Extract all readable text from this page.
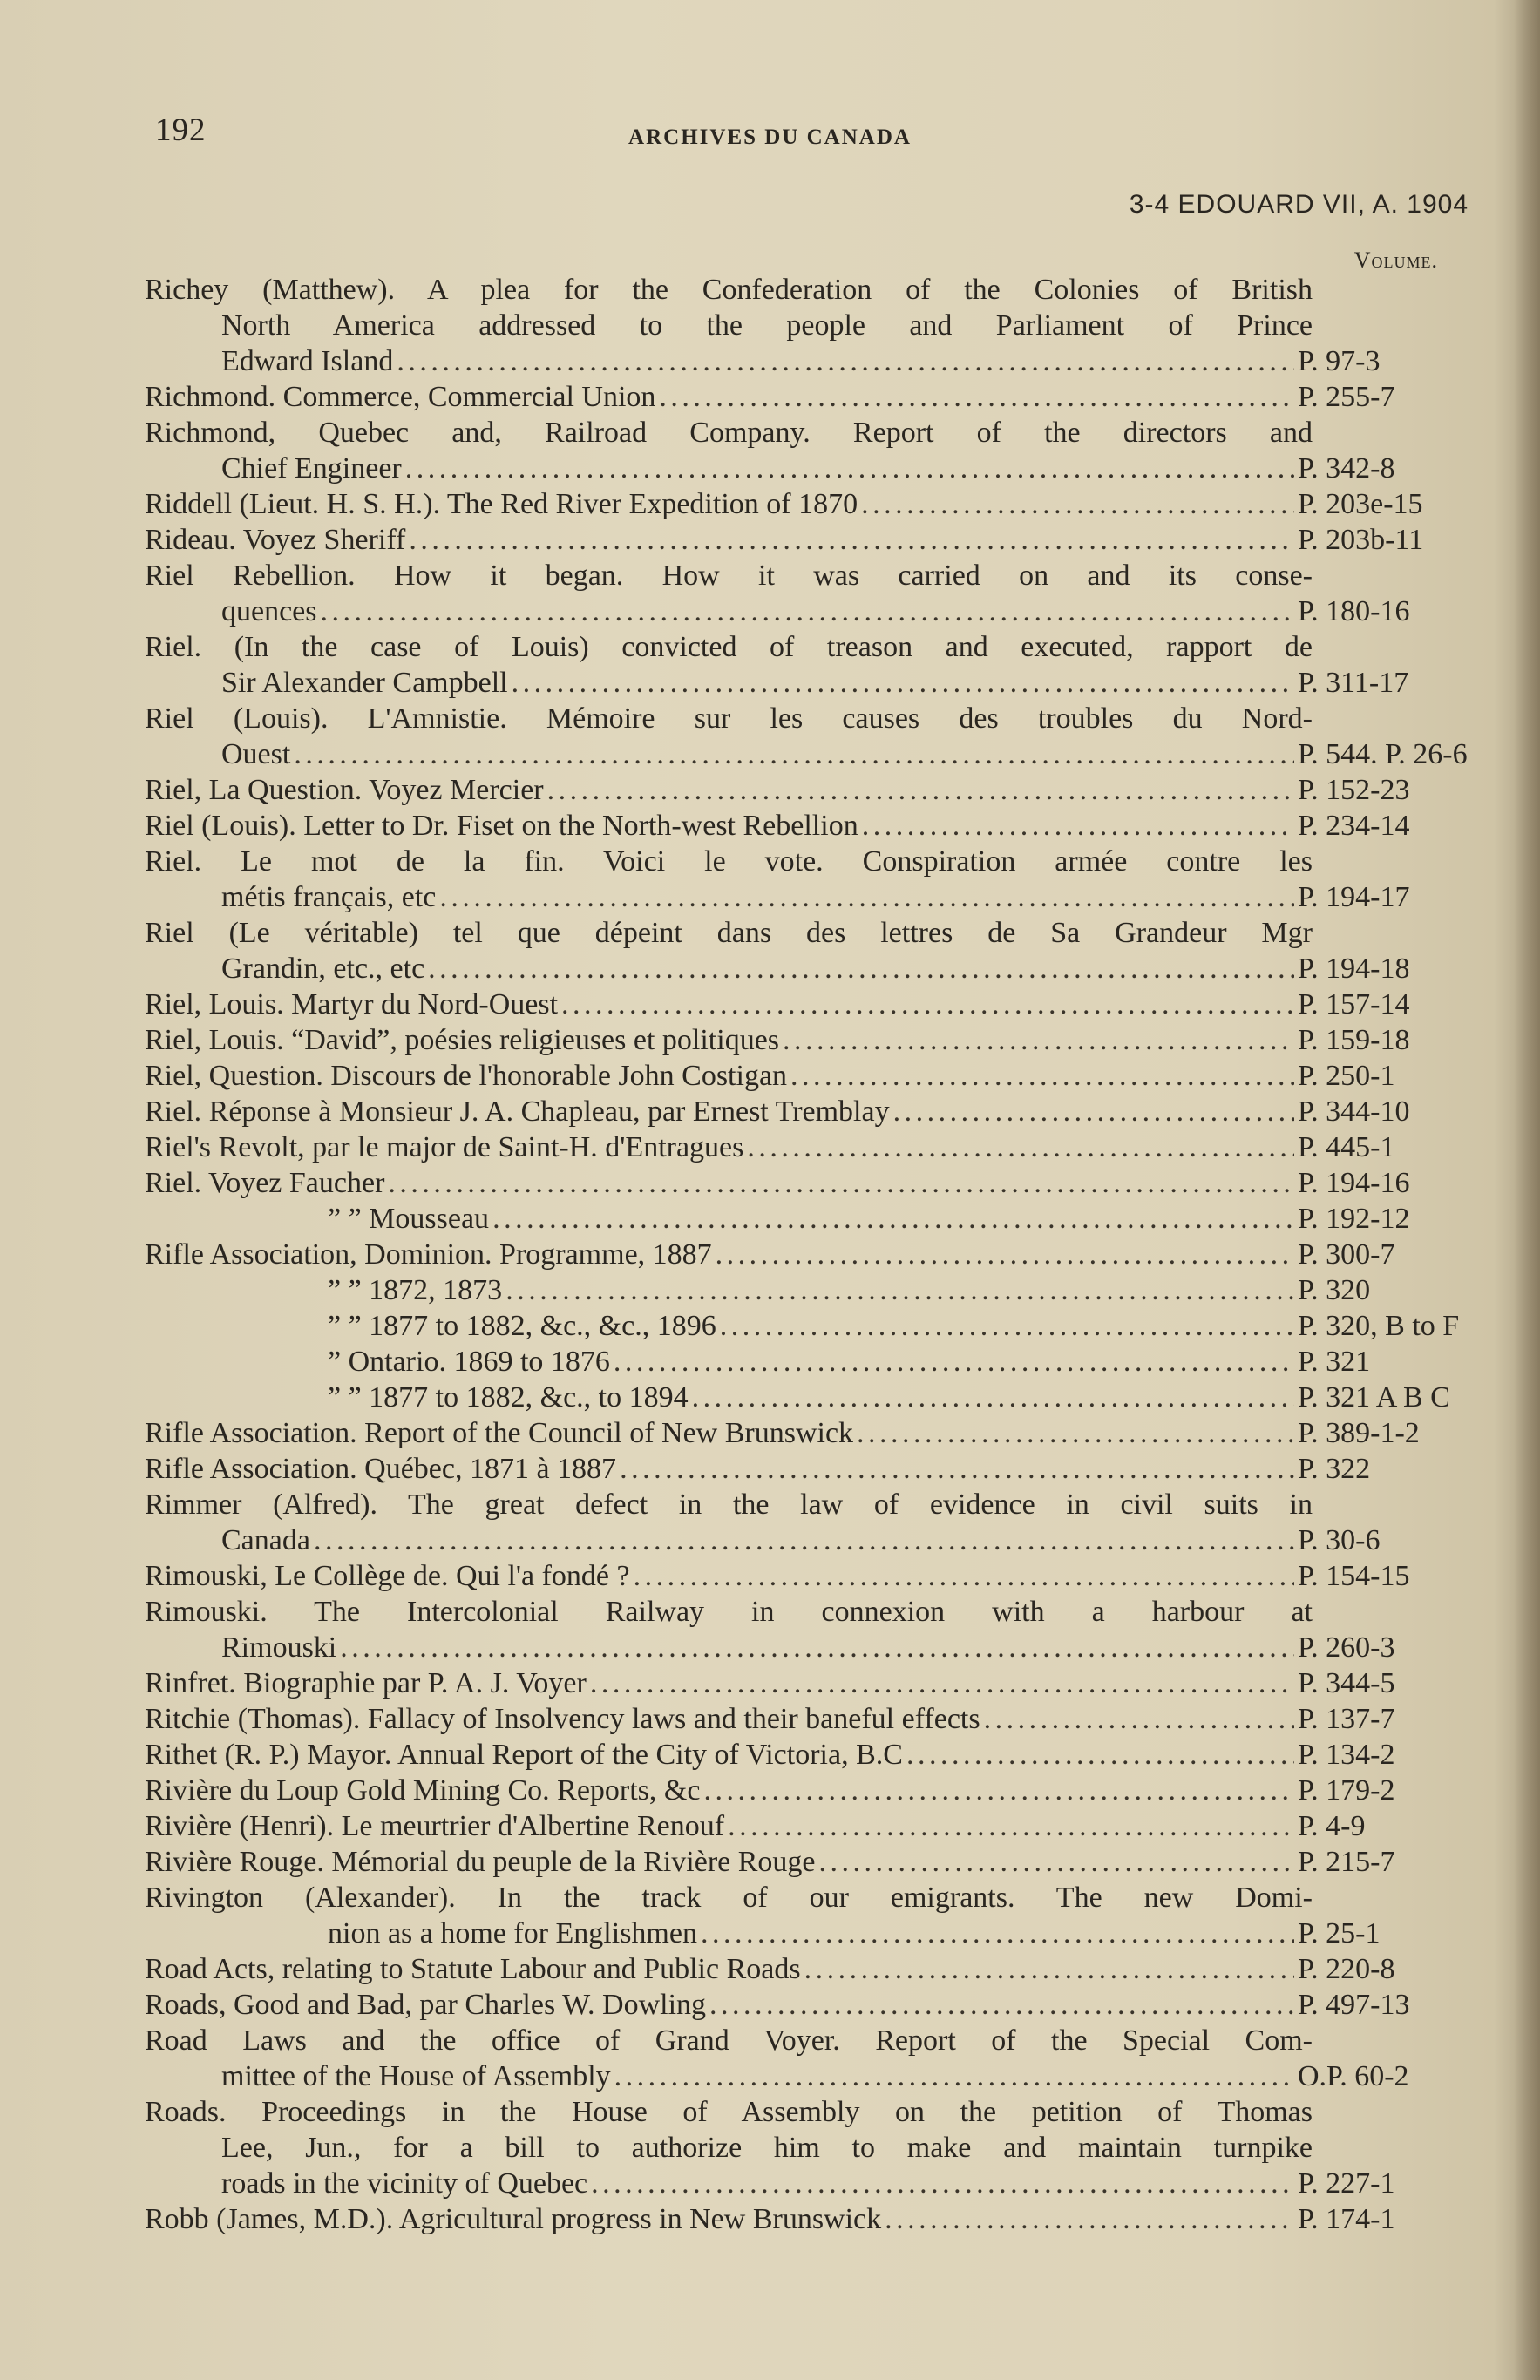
192	ARCHIVES DU CANADA
3-4 EDOUARD VII, A. 1904
Volume.
Richey (Matthew). A plea for the Confederation of the Colonies of British
North America addressed to the people and Parliament of Prince
Edward Island . . .	P. 97-3
Richmond. Commerce, Commercial Union . . .	P. 255-7
Richmond, Quebec and, Railroad Company. Report of the directors and
Chief Engineer . . .	P. 342-8
Riddell (Lieut. H. S. H.). The Red River Expedition of 1870 . . .	P. 203e-15
Rideau. Voyez Sheriff . . .	P. 203b-11
Riel Rebellion. How it began. How it was carried on and its conse-
quences . . .	P. 180-16
Riel. (In the case of Louis) convicted of treason and executed, rapport de
Sir Alexander Campbell . . .	P. 311-17
Riel (Louis). L'Amnistie. Mémoire sur les causes des troubles du Nord-
Ouest . . .	P. 544. P. 26-6
Riel, La Question. Voyez Mercier . . .	P. 152-23
Riel (Louis). Letter to Dr. Fiset on the North-west Rebellion . . .	P. 234-14
Riel. Le mot de la fin. Voici le vote. Conspiration armée contre les
métis français, etc . . .	P. 194-17
Riel (Le véritable) tel que dépeint dans des lettres de Sa Grandeur Mgr
Grandin, etc., etc . . .	P. 194-18
Riel, Louis. Martyr du Nord-Ouest . . .	P. 157-14
Riel, Louis. “David”, poésies religieuses et politiques . . .	P. 159-18
Riel, Question. Discours de l'honorable John Costigan . . .	P. 250-1
Riel. Réponse à Monsieur J. A. Chapleau, par Ernest Tremblay . . .	P. 344-10
Riel's Revolt, par le major de Saint-H. d'Entragues . . .	P. 445-1
Riel. Voyez Faucher . . .	P. 194-16
” ” Mousseau . . .	P. 192-12
Rifle Association, Dominion. Programme, 1887 . . .	P. 300-7
” ” 1872, 1873 . . .	P. 320
” ” 1877 to 1882, &c., &c., 1896 . . .	P. 320, B to F
” Ontario. 1869 to 1876 . . .	P. 321
” ” 1877 to 1882, &c., to 1894 . . .	P. 321 A B C
Rifle Association. Report of the Council of New Brunswick . . .	P. 389-1-2
Rifle Association. Québec, 1871 à 1887 . . .	P. 322
Rimmer (Alfred). The great defect in the law of evidence in civil suits in
Canada . . .	P. 30-6
Rimouski, Le Collège de. Qui l'a fondé ? . . .	P. 154-15
Rimouski. The Intercolonial Railway in connexion with a harbour at
Rimouski . . .	P. 260-3
Rinfret. Biographie par P. A. J. Voyer . . .	P. 344-5
Ritchie (Thomas). Fallacy of Insolvency laws and their baneful effects . . .	P. 137-7
Rithet (R. P.) Mayor. Annual Report of the City of Victoria, B.C . . .	P. 134-2
Rivière du Loup Gold Mining Co. Reports, &c . . .	P. 179-2
Rivière (Henri). Le meurtrier d'Albertine Renouf . . .	P. 4-9
Rivière Rouge. Mémorial du peuple de la Rivière Rouge . . .	P. 215-7
Rivington (Alexander). In the track of our emigrants. The new Domi-
nion as a home for Englishmen . . .	P. 25-1
Road Acts, relating to Statute Labour and Public Roads . . .	P. 220-8
Roads, Good and Bad, par Charles W. Dowling . . .	P. 497-13
Road Laws and the office of Grand Voyer. Report of the Special Com-
mittee of the House of Assembly . . .	O.P. 60-2
Roads. Proceedings in the House of Assembly on the petition of Thomas
Lee, Jun., for a bill to authorize him to make and maintain turnpike
roads in the vicinity of Quebec . . .	P. 227-1
Robb (James, M.D.). Agricultural progress in New Brunswick . . .	P. 174-1
